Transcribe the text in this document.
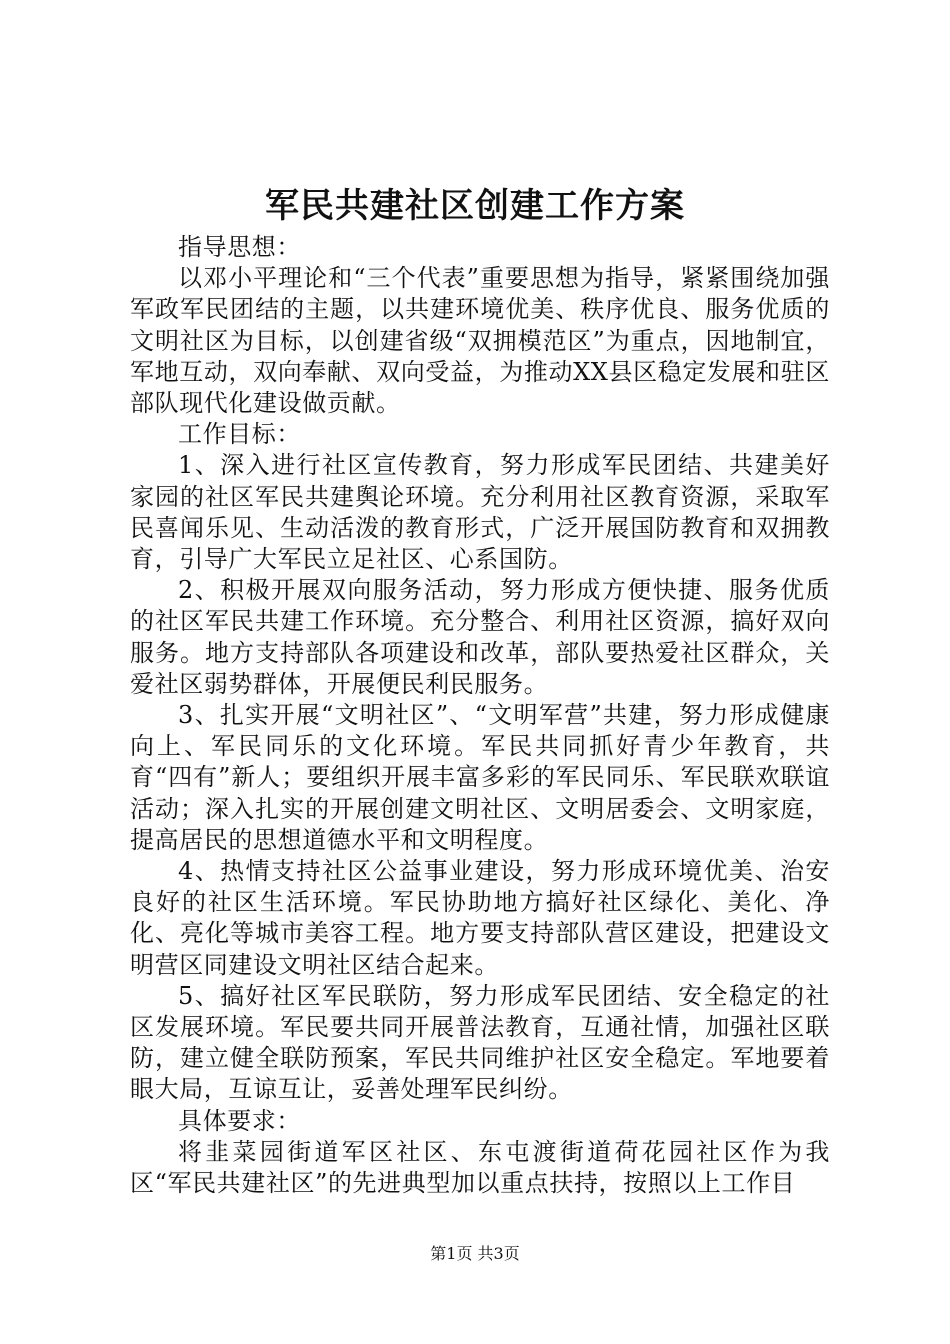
军民共建社区创建工作方案

指导思想：

以邓小平理论和“三个代表”重要思想为指导，紧紧围绕加强军政军民团结的主题，以共建环境优美、秩序优良、服务优质的文明社区为目标，以创建省级“双拥模范区”为重点，因地制宜，军地互动，双向奉献、双向受益，为推动XX县区稳定发展和驻区部队现代化建设做贡献。

工作目标：

1、深入进行社区宣传教育，努力形成军民团结、共建美好家园的社区军民共建舆论环境。充分利用社区教育资源，采取军民喜闻乐见、生动活泼的教育形式，广泛开展国防教育和双拥教育，引导广大军民立足社区、心系国防。

2、积极开展双向服务活动，努力形成方便快捷、服务优质的社区军民共建工作环境。充分整合、利用社区资源，搞好双向服务。地方支持部队各项建设和改革，部队要热爱社区群众，关爱社区弱势群体，开展便民利民服务。

3、扎实开展“文明社区”、“文明军营”共建，努力形成健康向上、军民同乐的文化环境。军民共同抓好青少年教育，共育“四有”新人；要组织开展丰富多彩的军民同乐、军民联欢联谊活动；深入扎实的开展创建文明社区、文明居委会、文明家庭，提高居民的思想道德水平和文明程度。

4、热情支持社区公益事业建设，努力形成环境优美、治安良好的社区生活环境。军民协助地方搞好社区绿化、美化、净化、亮化等城市美容工程。地方要支持部队营区建设，把建设文明营区同建设文明社区结合起来。

5、搞好社区军民联防，努力形成军民团结、安全稳定的社区发展环境。军民要共同开展普法教育，互通社情，加强社区联防，建立健全联防预案，军民共同维护社区安全稳定。军地要着眼大局，互谅互让，妥善处理军民纠纷。

具体要求：

将韭菜园街道军区社区、东屯渡街道荷花园社区作为我区“军民共建社区”的先进典型加以重点扶持，按照以上工作目

第1页 共3页
